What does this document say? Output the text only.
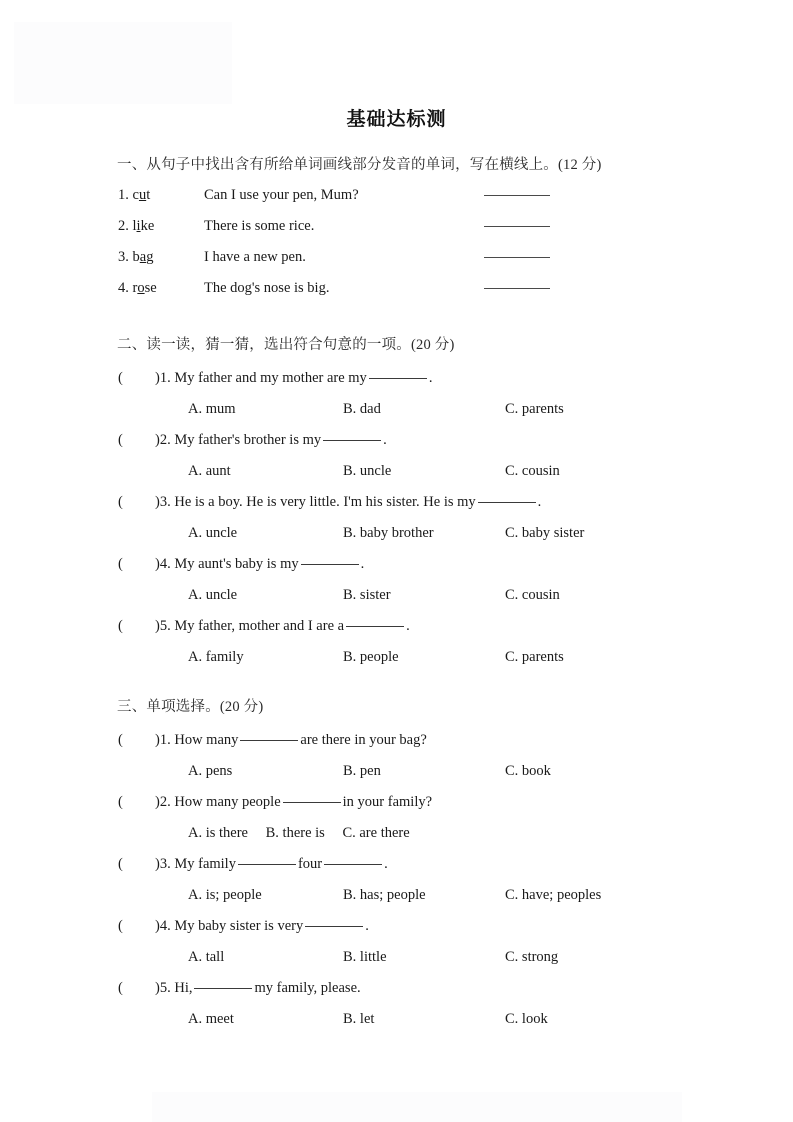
基础达标测
一、从句子中找出含有所给单词画线部分发音的单词，写在横线上。(12 分)
1. cut	Can I use your pen, Mum?
2. like	There is some rice.
3. bag	I have a new pen.
4. rose	The dog's nose is big.
二、读一读，猜一猜，选出符合句意的一项。(20 分)
( )1. My father and my mother are my	.
A. mum	B. dad	C. parents
( )2. My father's brother is my	.
A. aunt	B. uncle	C. cousin
( )3. He is a boy. He is very little. I'm his sister. He is my	.
A. uncle	B. baby brother	C. baby sister
( )4. My aunt's baby is my	.
A. uncle	B. sister	C. cousin
( )5. My father, mother and I are a	.
A. family	B. people	C. parents
三、单项选择。(20 分)
( )1. How many	are there in your bag?
A. pens	B. pen	C. book
( )2. How many people	in your family?
A. is there B. there is C. are there
( )3. My family	four	.
A. is; people	B. has; people	C. have; peoples
( )4. My baby sister is very	.
A. tall	B. little	C. strong
( )5. Hi,	my family, please.
A. meet	B. let	C. look
